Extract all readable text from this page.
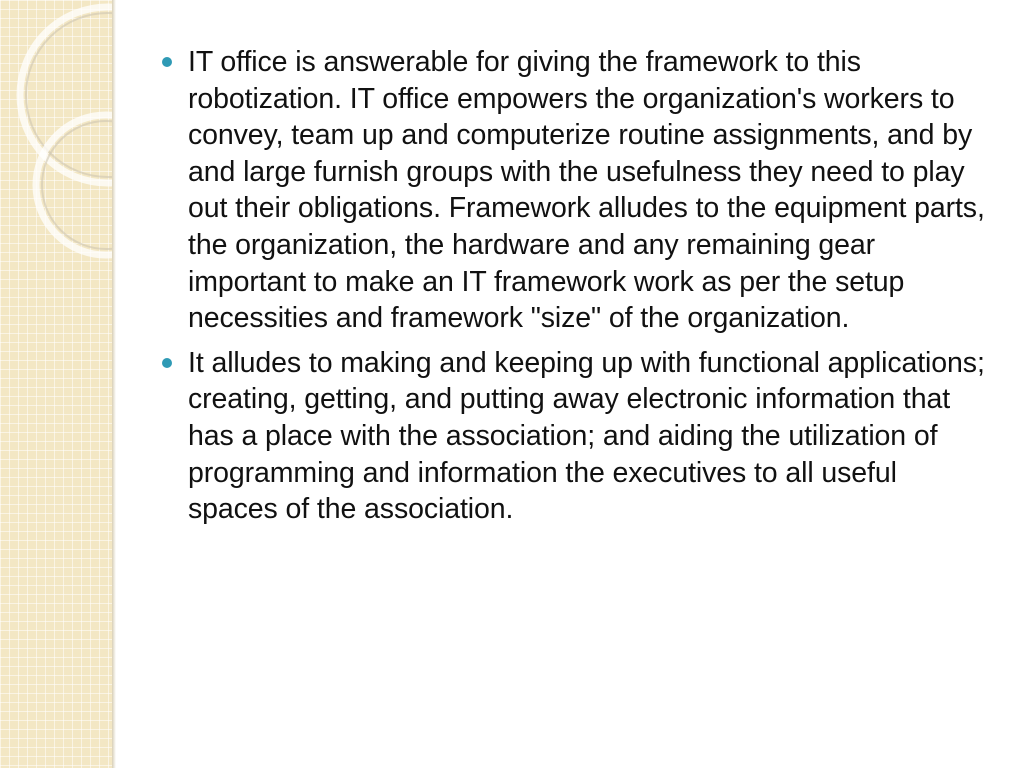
IT office is answerable for giving the framework to this robotization. IT office empowers the organization's workers to convey, team up and computerize routine assignments, and by and large furnish groups with the usefulness they need to play out their obligations. Framework alludes to the equipment parts, the organization, the hardware and any remaining gear important to make an IT framework work as per the setup necessities and framework "size" of the organization.
It alludes to making and keeping up with functional applications; creating, getting, and putting away electronic information that has a place with the association; and aiding the utilization of programming and information the executives to all useful spaces of the association.
